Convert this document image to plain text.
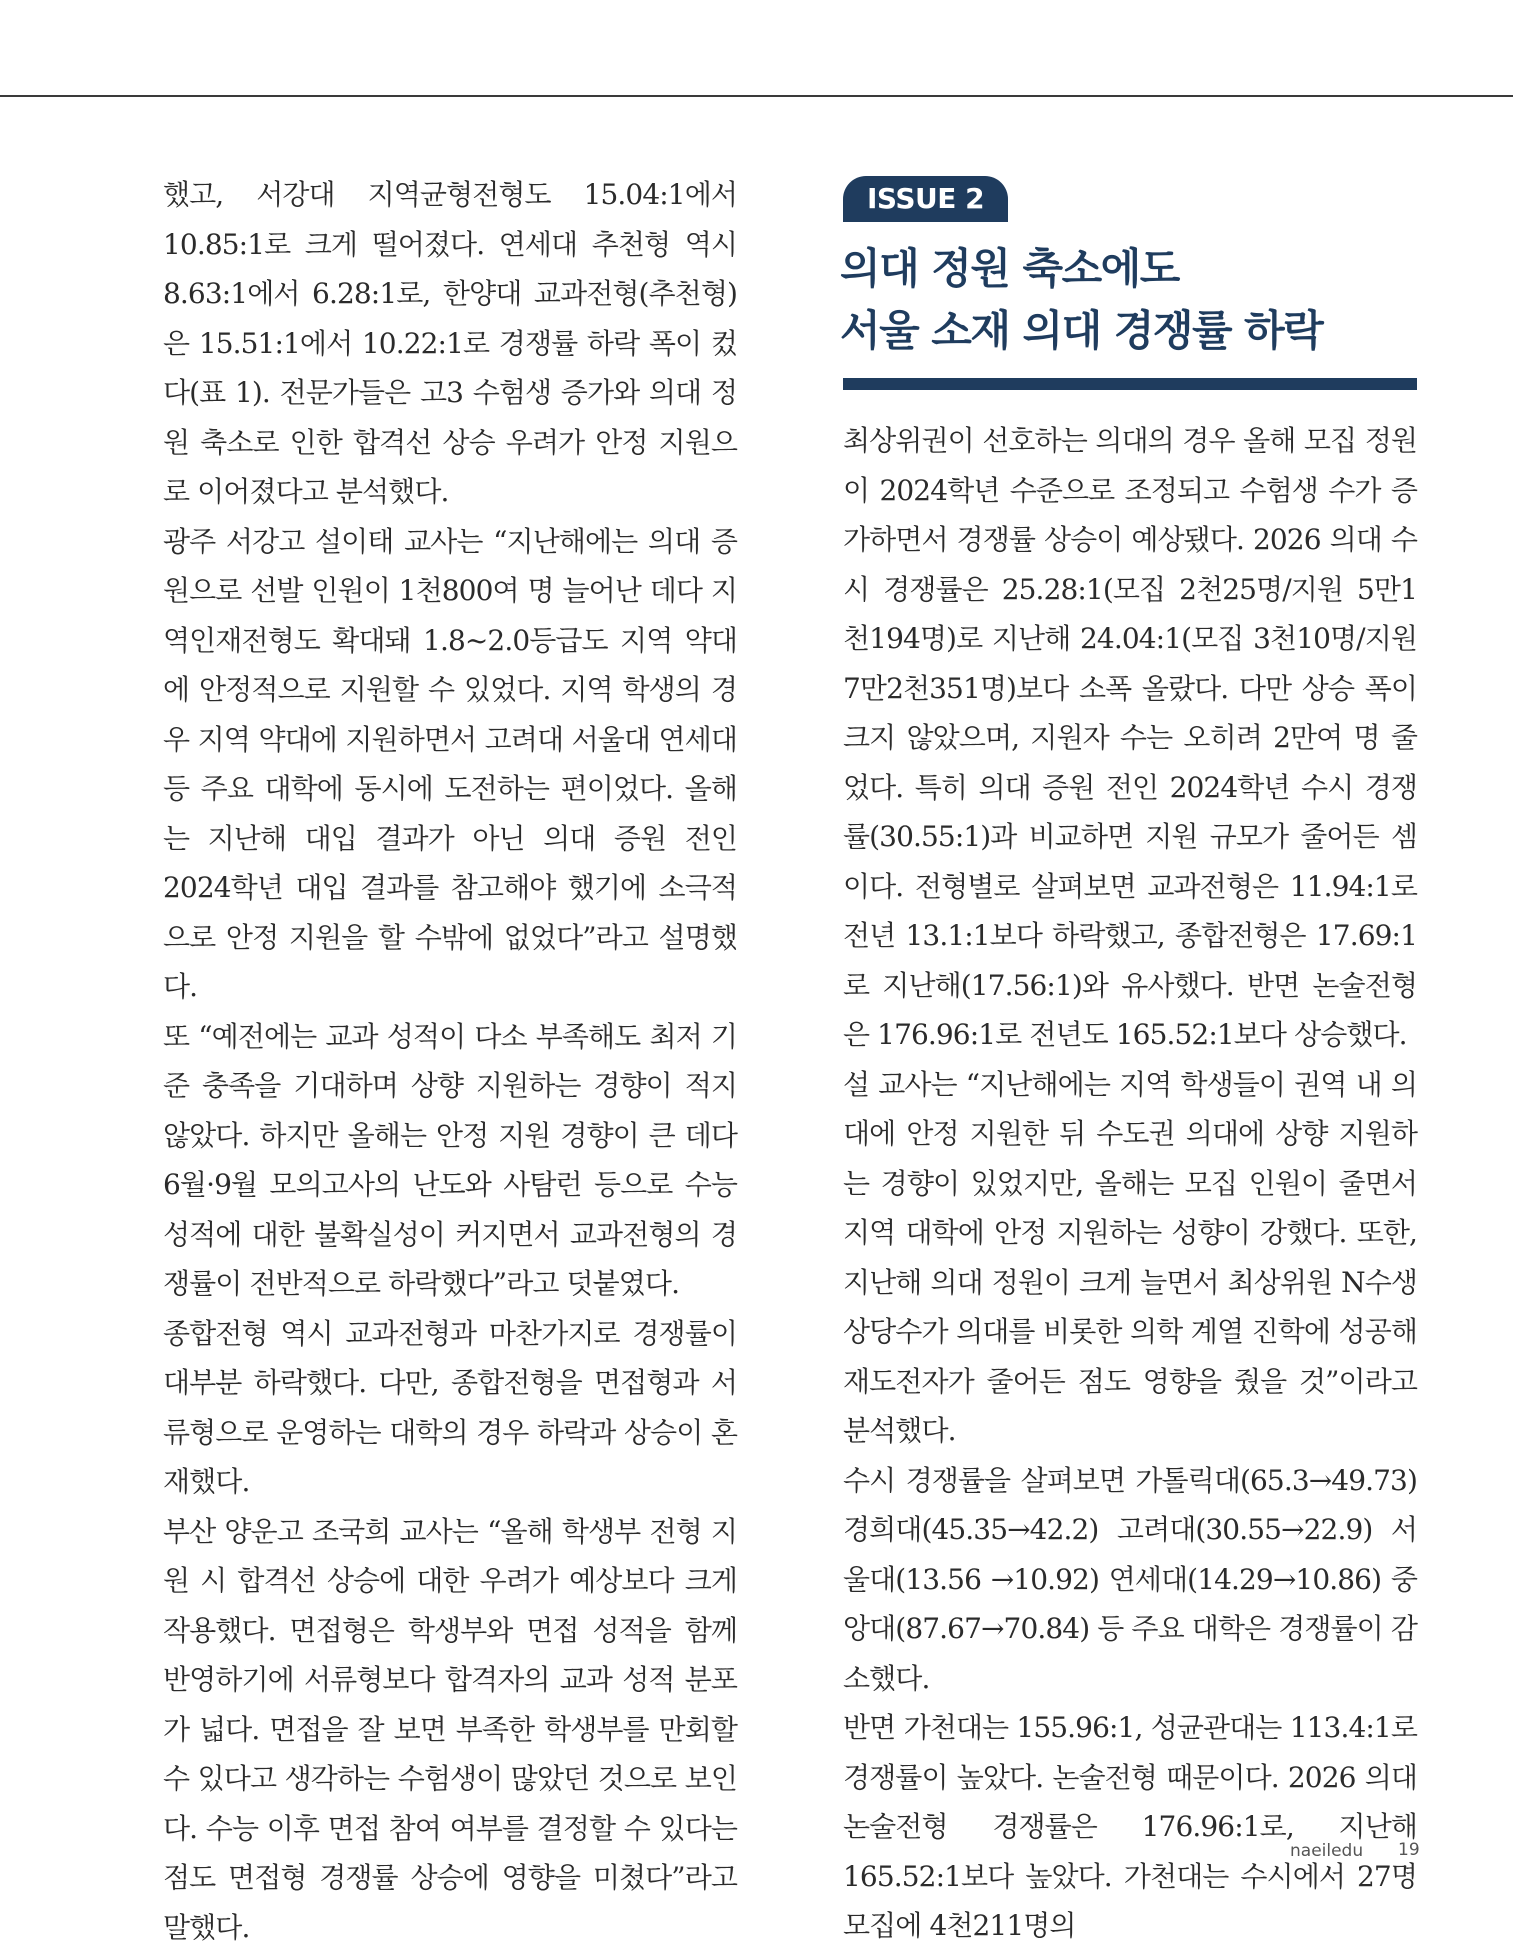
했고, 서강대 지역균형전형도 15.04:1에서 10.85:1로 크게 떨어졌다. 연세대 추천형 역시 8.63:1에서 6.28:1로, 한양대 교과전형(추천형)은 15.51:1에서 10.22:1로 경쟁률 하락 폭이 컸다(표 1). 전문가들은 고3 수험생 증가와 의대 정원 축소로 인한 합격선 상승 우려가 안정 지원으로 이어졌다고 분석했다.

광주 서강고 설이태 교사는 “지난해에는 의대 증원으로 선발 인원이 1천800여 명 늘어난 데다 지역인재전형도 확대돼 1.8~2.0등급도 지역 약대에 안정적으로 지원할 수 있었다. 지역 학생의 경우 지역 약대에 지원하면서 고려대 서울대 연세대 등 주요 대학에 동시에 도전하는 편이었다. 올해는 지난해 대입 결과가 아닌 의대 증원 전인 2024학년 대입 결과를 참고해야 했기에 소극적으로 안정 지원을 할 수밖에 없었다”라고 설명했다.

또 “예전에는 교과 성적이 다소 부족해도 최저 기준 충족을 기대하며 상향 지원하는 경향이 적지 않았다. 하지만 올해는 안정 지원 경향이 큰 데다 6월·9월 모의고사의 난도와 사탐런 등으로 수능 성적에 대한 불확실성이 커지면서 교과전형의 경쟁률이 전반적으로 하락했다”라고 덧붙였다.

종합전형 역시 교과전형과 마찬가지로 경쟁률이 대부분 하락했다. 다만, 종합전형을 면접형과 서류형으로 운영하는 대학의 경우 하락과 상승이 혼재했다.

부산 양운고 조국희 교사는 “올해 학생부 전형 지원 시 합격선 상승에 대한 우려가 예상보다 크게 작용했다. 면접형은 학생부와 면접 성적을 함께 반영하기에 서류형보다 합격자의 교과 성적 분포가 넓다. 면접을 잘 보면 부족한 학생부를 만회할 수 있다고 생각하는 수험생이 많았던 것으로 보인다. 수능 이후 면접 참여 여부를 결정할 수 있다는 점도 면접형 경쟁률 상승에 영향을 미쳤다”라고 말했다.

ISSUE 2
의대 정원 축소에도
서울 소재 의대 경쟁률 하락

최상위권이 선호하는 의대의 경우 올해 모집 정원이 2024학년 수준으로 조정되고 수험생 수가 증가하면서 경쟁률 상승이 예상됐다. 2026 의대 수시 경쟁률은 25.28:1(모집 2천25명/지원 5만1천194명)로 지난해 24.04:1(모집 3천10명/지원 7만2천351명)보다 소폭 올랐다. 다만 상승 폭이 크지 않았으며, 지원자 수는 오히려 2만여 명 줄었다. 특히 의대 증원 전인 2024학년 수시 경쟁률(30.55:1)과 비교하면 지원 규모가 줄어든 셈이다. 전형별로 살펴보면 교과전형은 11.94:1로 전년 13.1:1보다 하락했고, 종합전형은 17.69:1로 지난해(17.56:1)와 유사했다. 반면 논술전형은 176.96:1로 전년도 165.52:1보다 상승했다.

설 교사는 “지난해에는 지역 학생들이 권역 내 의대에 안정 지원한 뒤 수도권 의대에 상향 지원하는 경향이 있었지만, 올해는 모집 인원이 줄면서 지역 대학에 안정 지원하는 성향이 강했다. 또한, 지난해 의대 정원이 크게 늘면서 최상위원 N수생 상당수가 의대를 비롯한 의학 계열 진학에 성공해 재도전자가 줄어든 점도 영향을 줬을 것”이라고 분석했다.

수시 경쟁률을 살펴보면 가톨릭대(65.3→49.73) 경희대(45.35→42.2) 고려대(30.55→22.9) 서울대(13.56 →10.92) 연세대(14.29→10.86) 중앙대(87.67→70.84) 등 주요 대학은 경쟁률이 감소했다.

반면 가천대는 155.96:1, 성균관대는 113.4:1로 경쟁률이 높았다. 논술전형 때문이다. 2026 의대 논술전형 경쟁률은 176.96:1로, 지난해 165.52:1보다 높았다. 가천대는 수시에서 27명 모집에 4천211명의

naeiledu 19
